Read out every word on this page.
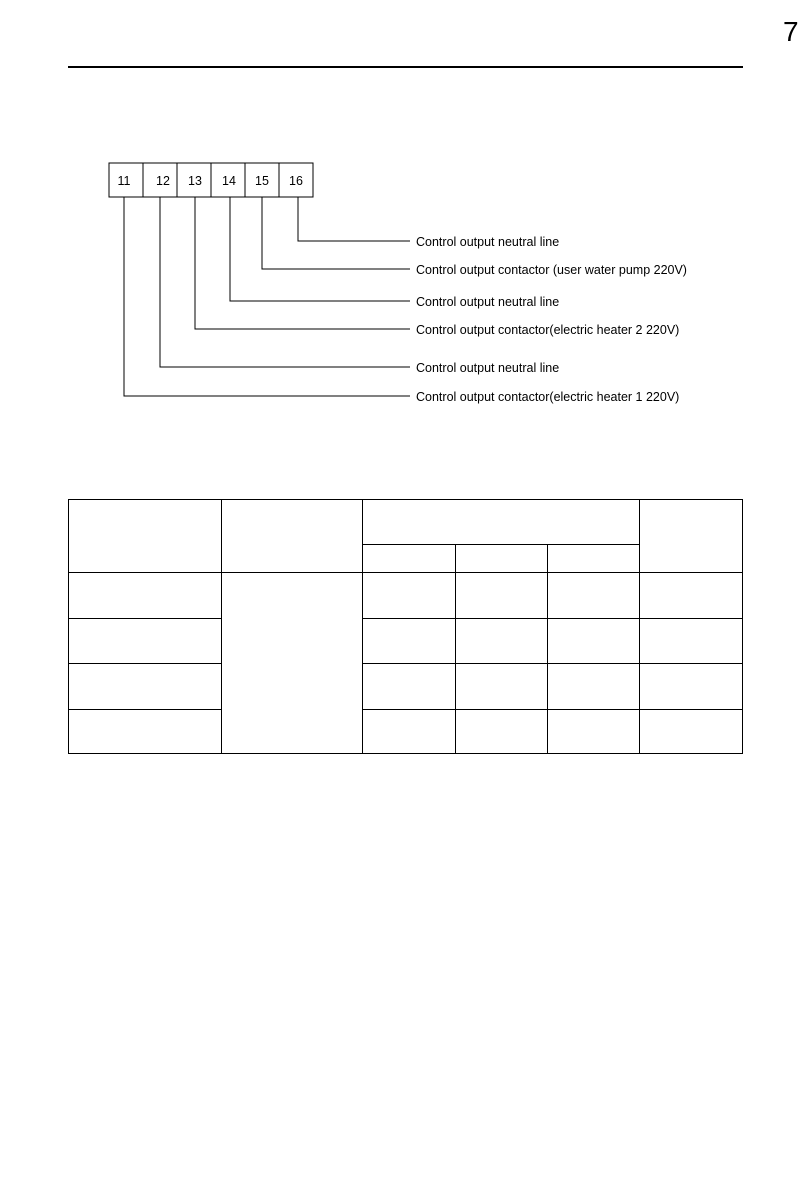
7
11 12 13 14 15 16
Control output neutral line
Control output contactor (user water pump 220V)
Control output neutral line
Control output contactor(electric heater 2 220V)
Control output neutral line
Control output contactor(electric heater 1 220V)
